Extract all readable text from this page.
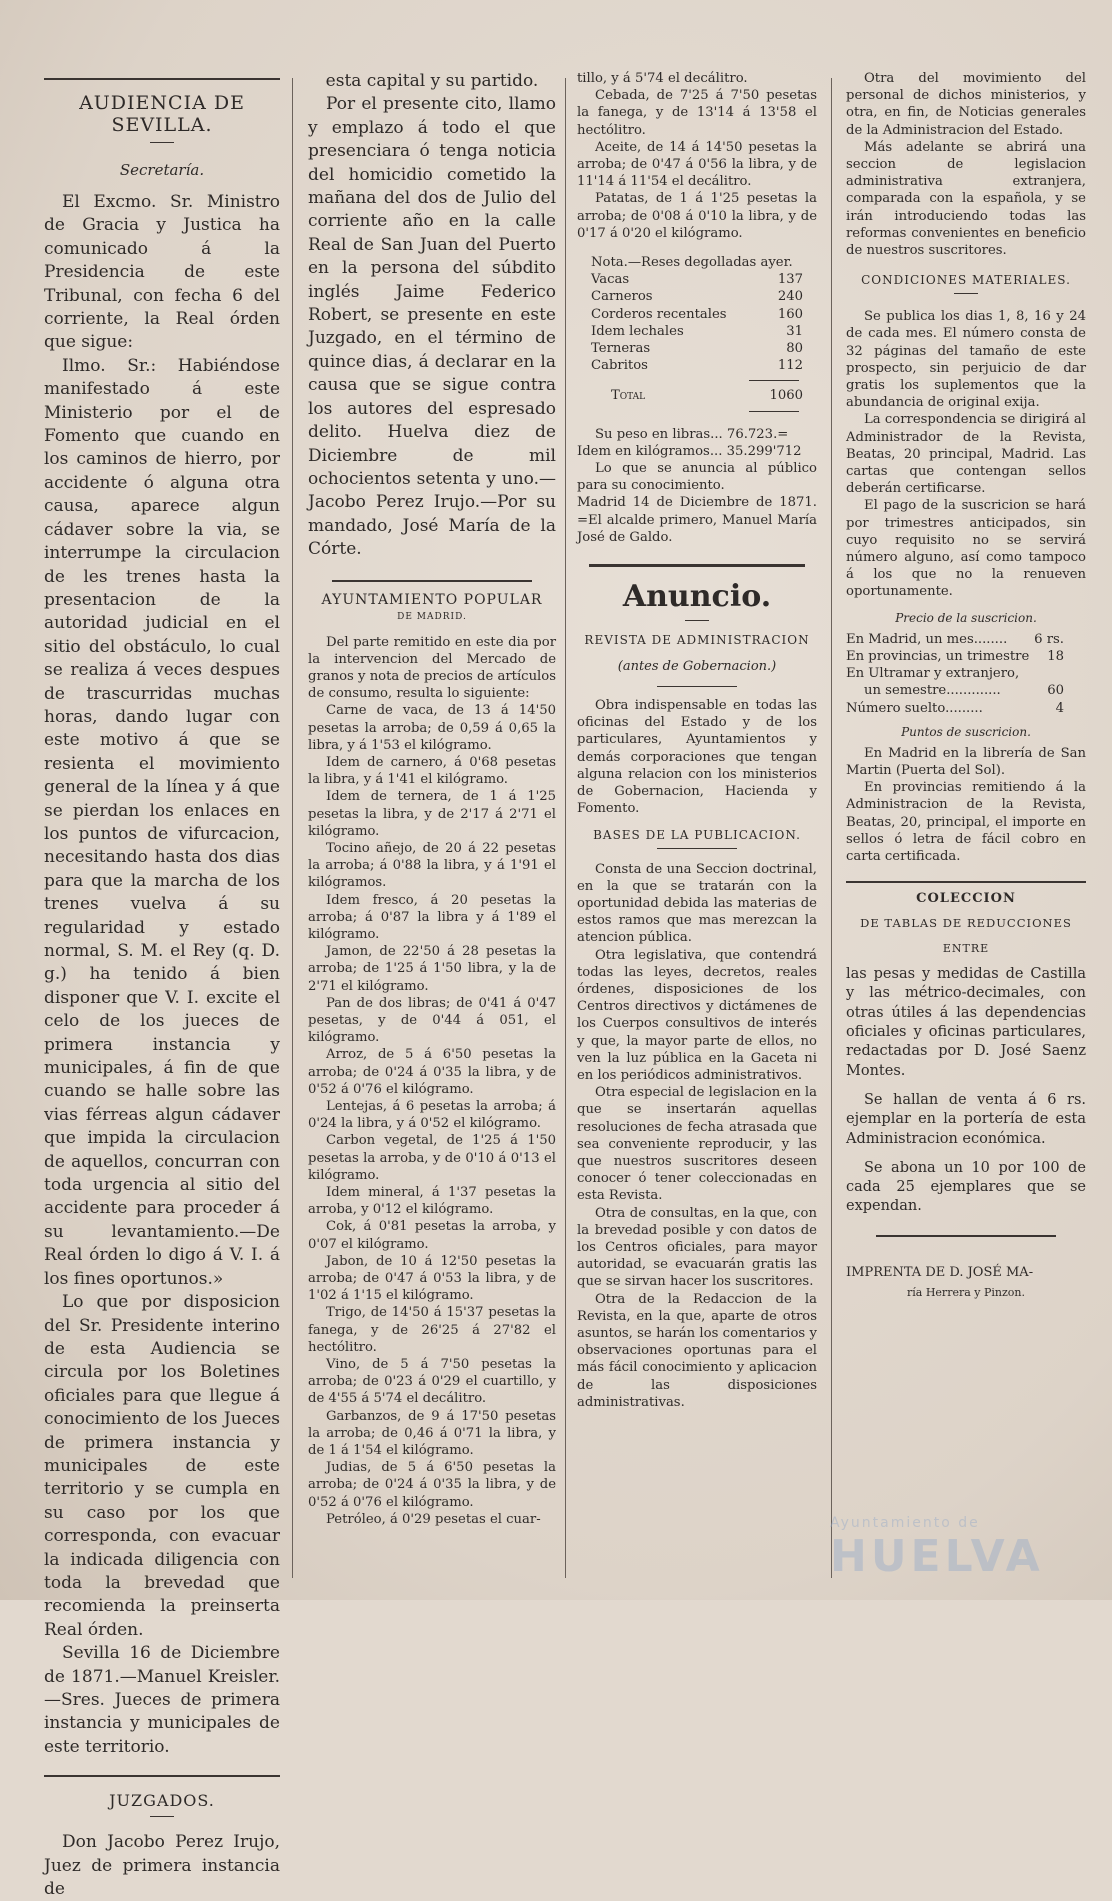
AUDIENCIA DE SEVILLA.
Secretaría.

El Excmo. Sr. Ministro de Gracia y Justica ha comunicado á la Presidencia de este Tribunal, con fecha 6 del corriente, la Real órden que sigue:

Ilmo. Sr.: Habiéndose manifestado á este Ministerio por el de Fomento que cuando en los caminos de hierro, por accidente ó alguna otra causa, aparece algun cádaver sobre la via, se interrumpe la circulacion de les trenes hasta la presentacion de la autoridad judicial en el sitio del obstáculo, lo cual se realiza á veces despues de trascurridas muchas horas, dando lugar con este motivo á que se resienta el movimiento general de la línea y á que se pierdan los enlaces en los puntos de vifurcacion, necesitando hasta dos dias para que la marcha de los trenes vuelva á su regularidad y estado normal, S. M. el Rey (q. D. g.) ha tenido á bien disponer que V. I. excite el celo de los jueces de primera instancia y municipales, á fin de que cuando se halle sobre las vias férreas algun cádaver que impida la circulacion de aquellos, concurran con toda urgencia al sitio del accidente para proceder á su levantamiento.—De Real órden lo digo á V. I. á los fines oportunos.»

Lo que por disposicion del Sr. Presidente interino de esta Audiencia se circula por los Boletines oficiales para que llegue á conocimiento de los Jueces de primera instancia y municipales de este territorio y se cumpla en su caso por los que corresponda, con evacuar la indicada diligencia con toda la brevedad que recomienda la preinserta Real órden.

Sevilla 16 de Diciembre de 1871.—Manuel Kreisler. —Sres. Jueces de primera instancia y municipales de este territorio.

JUZGADOS.

Don Jacobo Perez Irujo, Juez de primera instancia de

esta capital y su partido.

Por el presente cito, llamo y emplazo á todo el que presenciara ó tenga noticia del homicidio cometido la mañana del dos de Julio del corriente año en la calle Real de San Juan del Puerto en la persona del súbdito inglés Jaime Federico Robert, se presente en este Juzgado, en el término de quince dias, á declarar en la causa que se sigue contra los autores del espresado delito. Huelva diez de Diciembre de mil ochocientos setenta y uno.—Jacobo Perez Irujo.—Por su mandado, José María de la Córte.

AYUNTAMIENTO POPULAR
DE MADRID.

Del parte remitido en este dia por la intervencion del Mercado de granos y nota de precios de artículos de consumo, resulta lo siguiente:

Carne de vaca, de 13 á 14'50 pesetas la arroba; de 0,59 á 0,65 la libra, y á 1'53 el kilógramo.

Idem de carnero, á 0'68 pesetas la libra, y á 1'41 el kilógramo.

Idem de ternera, de 1 á 1'25 pesetas la libra, y de 2'17 á 2'71 el kilógramo.

Tocino añejo, de 20 á 22 pesetas la arroba; á 0'88 la libra, y á 1'91 el kilógramos.

Idem fresco, á 20 pesetas la arroba; á 0'87 la libra y á 1'89 el kilógramo.

Jamon, de 22'50 á 28 pesetas la arroba; de 1'25 á 1'50 libra, y la de 2'71 el kilógramo.

Pan de dos libras; de 0'41 á 0'47 pesetas, y de 0'44 á 051, el kilógramo.

Arroz, de 5 á 6'50 pesetas la arroba; de 0'24 á 0'35 la libra, y de 0'52 á 0'76 el kilógramo.

Lentejas, á 6 pesetas la arroba; á 0'24 la libra, y á 0'52 el kilógramo.

Carbon vegetal, de 1'25 á 1'50 pesetas la arroba, y de 0'10 á 0'13 el kilógramo.

Idem mineral, á 1'37 pesetas la arroba, y 0'12 el kilógramo.

Cok, á 0'81 pesetas la arroba, y 0'07 el kilógramo.

Jabon, de 10 á 12'50 pesetas la arroba; de 0'47 á 0'53 la libra, y de 1'02 á 1'15 el kilógramo.

Trigo, de 14'50 á 15'37 pesetas la fanega, y de 26'25 á 27'82 el hectólitro.

Vino, de 5 á 7'50 pesetas la arroba; de 0'23 á 0'29 el cuartillo, y de 4'55 á 5'74 el decálitro.

Garbanzos, de 9 á 17'50 pesetas la arroba; de 0,46 á 0'71 la libra, y de 1 á 1'54 el kilógramo.

Judias, de 5 á 6'50 pesetas la arroba; de 0'24 á 0'35 la libra, y de 0'52 á 0'76 el kilógramo.

Petróleo, á 0'29 pesetas el cuar-

tillo, y á 5'74 el decálitro.

Cebada, de 7'25 á 7'50 pesetas la fanega, y de 13'14 á 13'58 el hectólitro.

Aceite, de 14 á 14'50 pesetas la arroba; de 0'47 á 0'56 la libra, y de 11'14 á 11'54 el decálitro.

Patatas, de 1 á 1'25 pesetas la arroba; de 0'08 á 0'10 la libra, y de 0'17 á 0'20 el kilógramo.

Nota.—Reses degolladas ayer.

Vacas	137
Carneros	240
Corderos recentales	160
Idem lechales	31
Terneras	80
Cabritos	112
Total	1060

Su peso en libras... 76.723.=

Idem en kilógramos... 35.299'712

Lo que se anuncia al público para su conocimiento.

Madrid 14 de Diciembre de 1871. =El alcalde primero, Manuel María José de Galdo.

Anuncio.
REVISTA DE ADMINISTRACION
(antes de Gobernacion.)

Obra indispensable en todas las oficinas del Estado y de los particulares, Ayuntamientos y demás corporaciones que tengan alguna relacion con los ministerios de Gobernacion, Hacienda y Fomento.

BASES DE LA PUBLICACION.

Consta de una Seccion doctrinal, en la que se tratarán con la oportunidad debida las materias de estos ramos que mas merezcan la atencion pública.

Otra legislativa, que contendrá todas las leyes, decretos, reales órdenes, disposiciones de los Centros directivos y dictámenes de los Cuerpos consultivos de interés y que, la mayor parte de ellos, no ven la luz pública en la Gaceta ni en los periódicos administrativos.

Otra especial de legislacion en la que se insertarán aquellas resoluciones de fecha atrasada que sea conveniente reproducir, y las que nuestros suscritores deseen conocer ó tener coleccionadas en esta Revista.

Otra de consultas, en la que, con la brevedad posible y con datos de los Centros oficiales, para mayor autoridad, se evacuarán gratis las que se sirvan hacer los suscritores.

Otra de la Redaccion de la Revista, en la que, aparte de otros asuntos, se harán los comentarios y observaciones oportunas para el más fácil conocimiento y aplicacion de las disposiciones administrativas.

Otra del movimiento del personal de dichos ministerios, y otra, en fin, de Noticias generales de la Administracion del Estado.

Más adelante se abrirá una seccion de legislacion administrativa extranjera, comparada con la española, y se irán introduciendo todas las reformas convenientes en beneficio de nuestros suscritores.

CONDICIONES MATERIALES.

Se publica los dias 1, 8, 16 y 24 de cada mes. El número consta de 32 páginas del tamaño de este prospecto, sin perjuicio de dar gratis los suplementos que la abundancia de original exija.

La correspondencia se dirigirá al Administrador de la Revista, Beatas, 20 principal, Madrid. Las cartas que contengan sellos deberán certificarse.

El pago de la suscricion se hará por trimestres anticipados, sin cuyo requisito no se servirá número alguno, así como tampoco á los que no la renueven oportunamente.

Precio de la suscricion.
En Madrid, un mes........ 6 rs.
En provincias, un trimestre 18
En Ultramar y extranjero,
un semestre.............	60
Número suelto.........	4
Puntos de suscricion.

En Madrid en la librería de San Martin (Puerta del Sol).

En provincias remitiendo á la Administracion de la Revista, Beatas, 20, principal, el importe en sellos ó letra de fácil cobro en carta certificada.

COLECCION
DE TABLAS DE REDUCCIONES
ENTRE

las pesas y medidas de Castilla y las métrico-decimales, con otras útiles á las dependencias oficiales y oficinas particulares, redactadas por D. José Saenz Montes.

Se hallan de venta á 6 rs. ejemplar en la portería de esta Administracion económica.

Se abona un 10 por 100 de cada 25 ejemplares que se expendan.

IMPRENTA DE D. JOSÉ MA-
ría Herrera y Pinzon.
Ayuntamiento de
HUELVA
